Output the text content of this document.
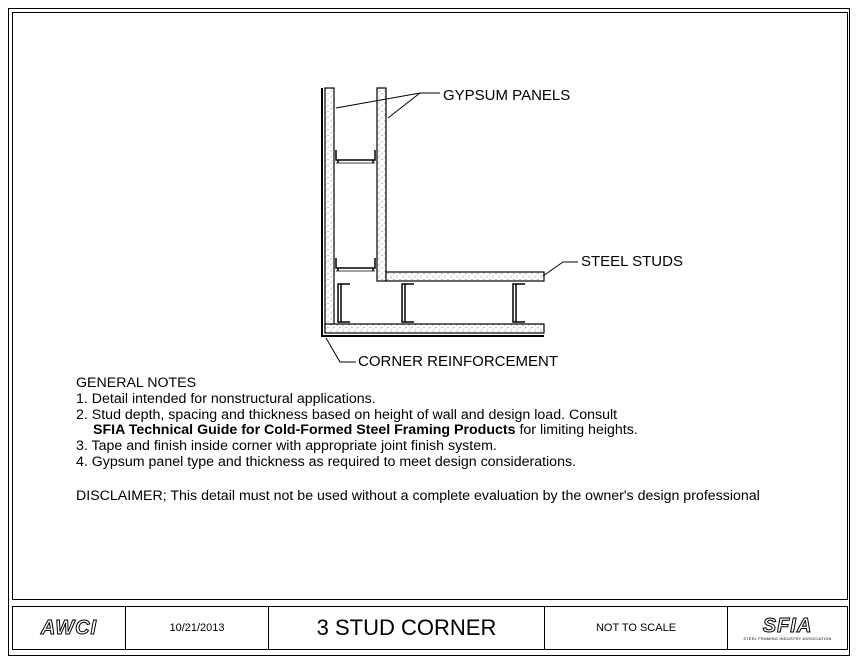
GYPSUM PANELS
STEEL STUDS
CORNER REINFORCEMENT
GENERAL NOTES
1. Detail intended for nonstructural applications.
2. Stud depth, spacing and thickness based on height of wall and design load. Consult
SFIA Technical Guide for Cold-Formed Steel Framing Products for limiting heights.
3. Tape and finish inside corner with appropriate joint finish system.
4. Gypsum panel type and thickness as required to meet design considerations.
DISCLAIMER; This detail must not be used without a complete evaluation by the owner's design professional
AWCI	10/21/2013	3 STUD CORNER	NOT TO SCALE	SFIA
STEEL FRAMING INDUSTRY ASSOCIATION
